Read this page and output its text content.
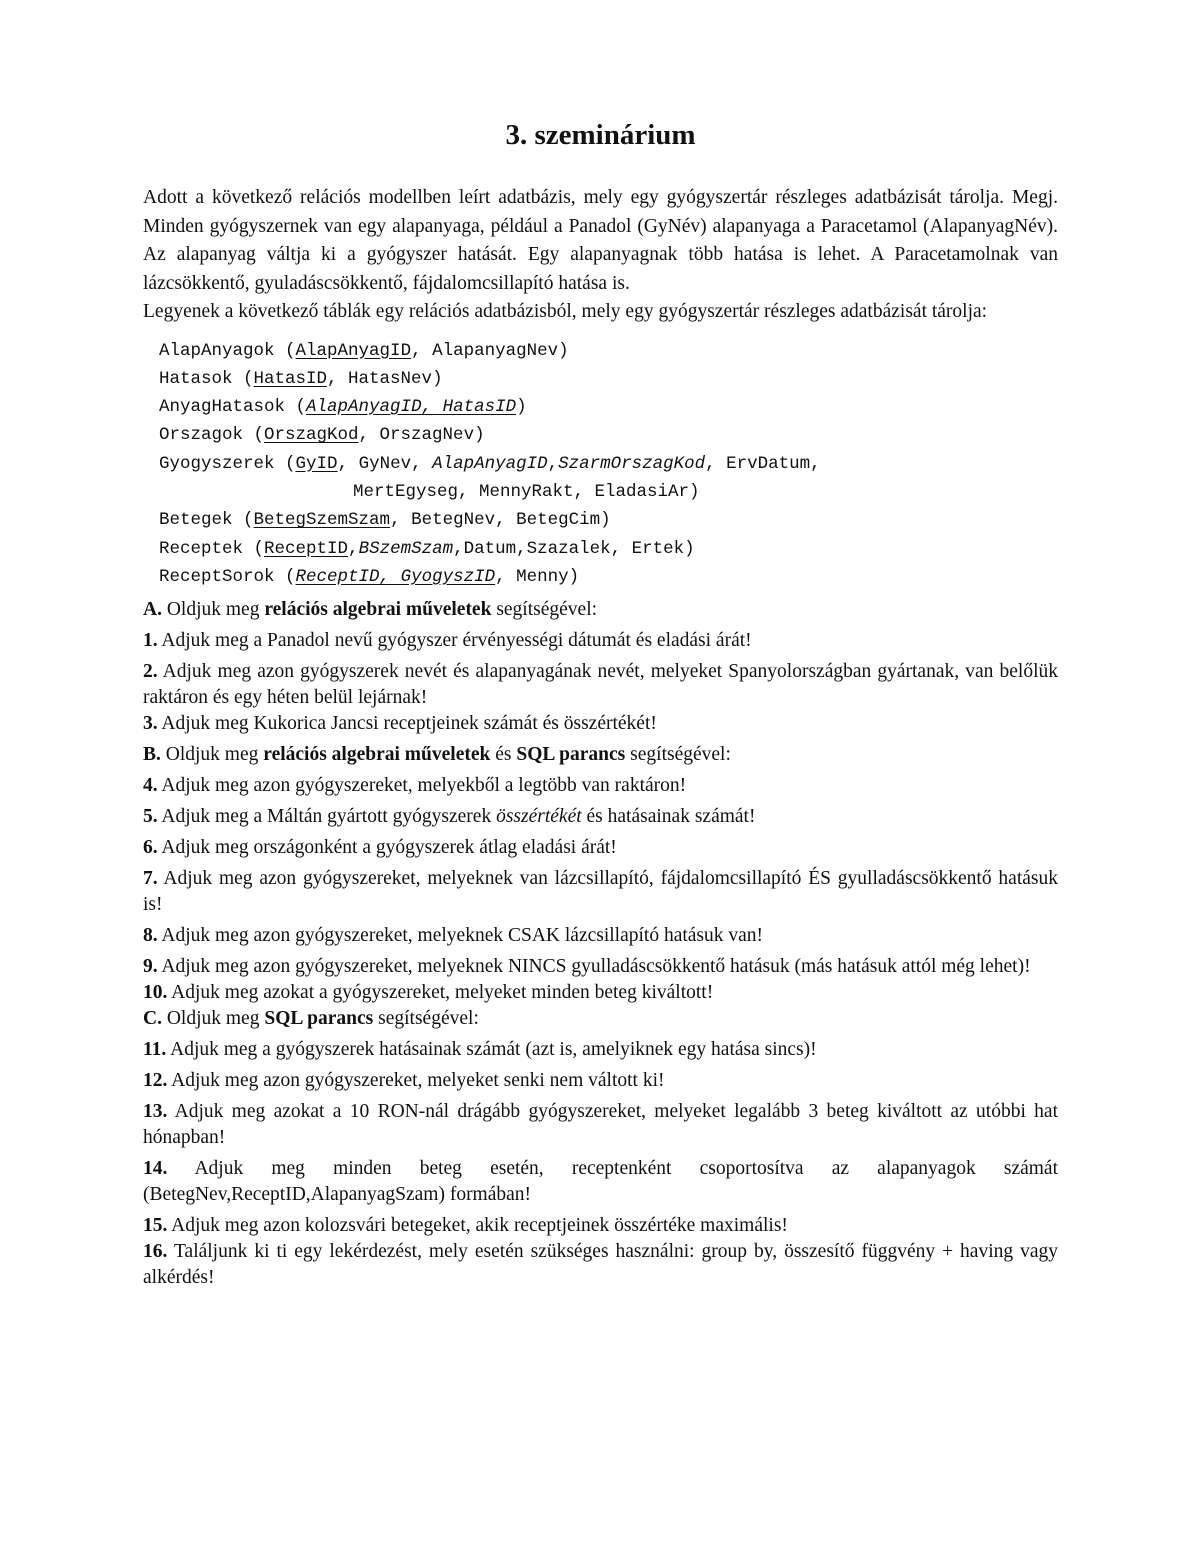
3. szeminárium

Adott a következő relációs modellben leírt adatbázis, mely egy gyógyszertár részleges adatbázisát tárolja. Megj. Minden gyógyszernek van egy alapanyaga, például a Panadol (GyNév) alapanyaga a Paracetamol (AlapanyagNév). Az alapanyag váltja ki a gyógyszer hatását. Egy alapanyagnak több hatása is lehet. A Paracetamolnak van lázcsökkentő, gyuladáscsökkentő, fájdalomcsillapító hatása is.

Legyenek a következő táblák egy relációs adatbázisból, mely egy gyógyszertár részleges adatbázisát tárolja:

AlapAnyagok (AlapAnyagID, AlapanyagNev)
Hatasok (HatasID, HatasNev)
AnyagHatasok (AlapAnyagID, HatasID)
Orszagok (OrszagKod, OrszagNev)
Gyogyszerek (GyID, GyNev, AlapAnyagID,SzarmOrszagKod, ErvDatum,
MertEgyseg, MennyRakt, EladasiAr)
Betegek (BetegSzemSzam, BetegNev, BetegCim)
Receptek (ReceptID,BSzemSzam,Datum,Szazalek, Ertek)
ReceptSorok (ReceptID, GyogyszID, Menny)

A. Oldjuk meg relációs algebrai műveletek segítségével:

1. Adjuk meg a Panadol nevű gyógyszer érvényességi dátumát és eladási árát!

2. Adjuk meg azon gyógyszerek nevét és alapanyagának nevét, melyeket Spanyolországban gyártanak, van belőlük raktáron és egy héten belül lejárnak!

3. Adjuk meg Kukorica Jancsi receptjeinek számát és összértékét!

B. Oldjuk meg relációs algebrai műveletek és SQL parancs segítségével:

4. Adjuk meg azon gyógyszereket, melyekből a legtöbb van raktáron!

5. Adjuk meg a Máltán gyártott gyógyszerek összértékét és hatásainak számát!

6. Adjuk meg országonként a gyógyszerek átlag eladási árát!

7. Adjuk meg azon gyógyszereket, melyeknek van lázcsillapító, fájdalomcsillapító ÉS gyulladáscsökkentő hatásuk is!

8. Adjuk meg azon gyógyszereket, melyeknek CSAK lázcsillapító hatásuk van!

9. Adjuk meg azon gyógyszereket, melyeknek NINCS gyulladáscsökkentő hatásuk (más hatásuk attól még lehet)!

10. Adjuk meg azokat a gyógyszereket, melyeket minden beteg kiváltott!

C. Oldjuk meg SQL parancs segítségével:

11. Adjuk meg a gyógyszerek hatásainak számát (azt is, amelyiknek egy hatása sincs)!

12. Adjuk meg azon gyógyszereket, melyeket senki nem váltott ki!

13. Adjuk meg azokat a 10 RON-nál drágább gyógyszereket, melyeket legalább 3 beteg kiváltott az utóbbi hat hónapban!

14. Adjuk meg minden beteg esetén, receptenként csoportosítva az alapanyagok számát (BetegNev,ReceptID,AlapanyagSzam) formában!

15. Adjuk meg azon kolozsvári betegeket, akik receptjeinek összértéke maximális!

16. Találjunk ki ti egy lekérdezést, mely esetén szükséges használni: group by, összesítő függvény + having vagy alkérdés!
